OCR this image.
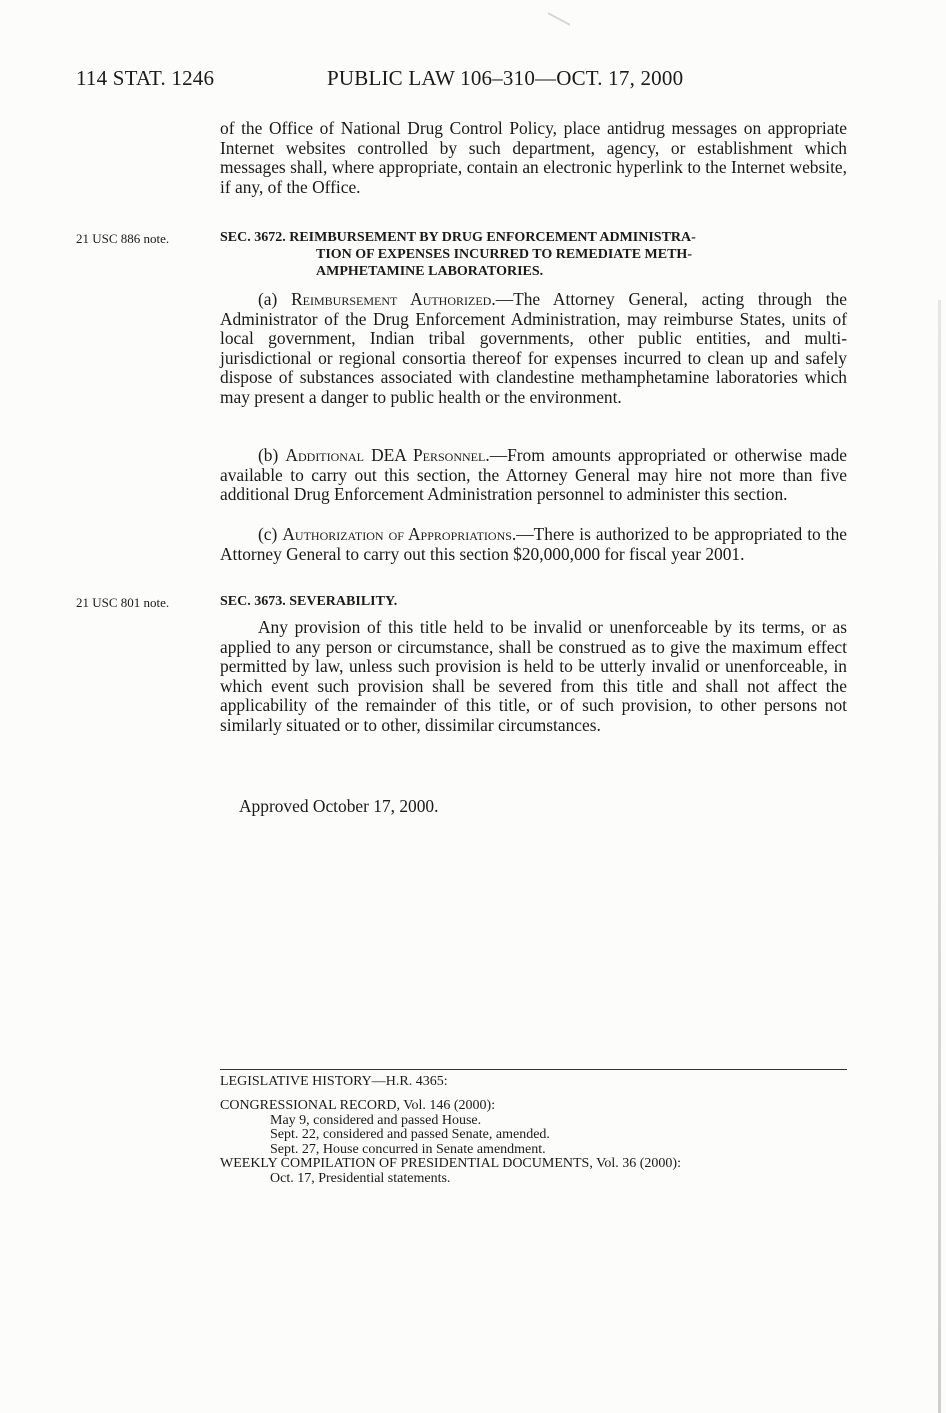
114 STAT. 1246	PUBLIC LAW 106–310—OCT. 17, 2000

of the Office of National Drug Control Policy, place antidrug messages on appropriate Internet websites controlled by such department, agency, or establishment which messages shall, where appropriate, contain an electronic hyperlink to the Internet website, if any, of the Office.

21 USC 886 note.	SEC. 3672. REIMBURSEMENT BY DRUG ENFORCEMENT ADMINISTRA-
TION OF EXPENSES INCURRED TO REMEDIATE METH-
AMPHETAMINE LABORATORIES.

(a) Reimbursement Authorized.—The Attorney General, acting through the Administrator of the Drug Enforcement Administration, may reimburse States, units of local government, Indian tribal governments, other public entities, and multi-jurisdictional or regional consortia thereof for expenses incurred to clean up and safely dispose of substances associated with clandestine methamphetamine laboratories which may present a danger to public health or the environment.

(b) Additional DEA Personnel.—From amounts appropriated or otherwise made available to carry out this section, the Attorney General may hire not more than five additional Drug Enforcement Administration personnel to administer this section.

(c) Authorization of Appropriations.—There is authorized to be appropriated to the Attorney General to carry out this section $20,000,000 for fiscal year 2001.

21 USC 801 note.	SEC. 3673. SEVERABILITY.

Any provision of this title held to be invalid or unenforceable by its terms, or as applied to any person or circumstance, shall be construed as to give the maximum effect permitted by law, unless such provision is held to be utterly invalid or unenforceable, in which event such provision shall be severed from this title and shall not affect the applicability of the remainder of this title, or of such provision, to other persons not similarly situated or to other, dissimilar circumstances.

Approved October 17, 2000.
LEGISLATIVE HISTORY—H.R. 4365:
CONGRESSIONAL RECORD, Vol. 146 (2000):
May 9, considered and passed House.
Sept. 22, considered and passed Senate, amended.
Sept. 27, House concurred in Senate amendment.
WEEKLY COMPILATION OF PRESIDENTIAL DOCUMENTS, Vol. 36 (2000):
Oct. 17, Presidential statements.
